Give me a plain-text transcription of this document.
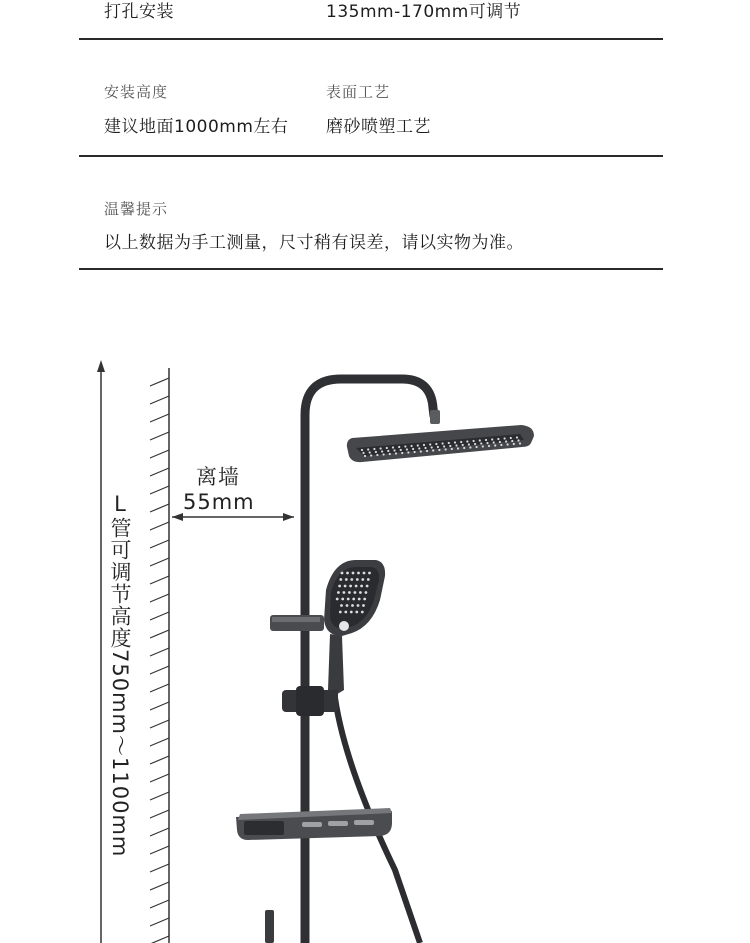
打孔安装	135mm-170mm可调节
安装高度
建议地面1000mm左右
表面工艺
磨砂喷塑工艺
温馨提示
以上数据为手工测量，尺寸稍有误差，请以实物为准。
离墙
55mm
L管可调节高度750mm～1100mm
